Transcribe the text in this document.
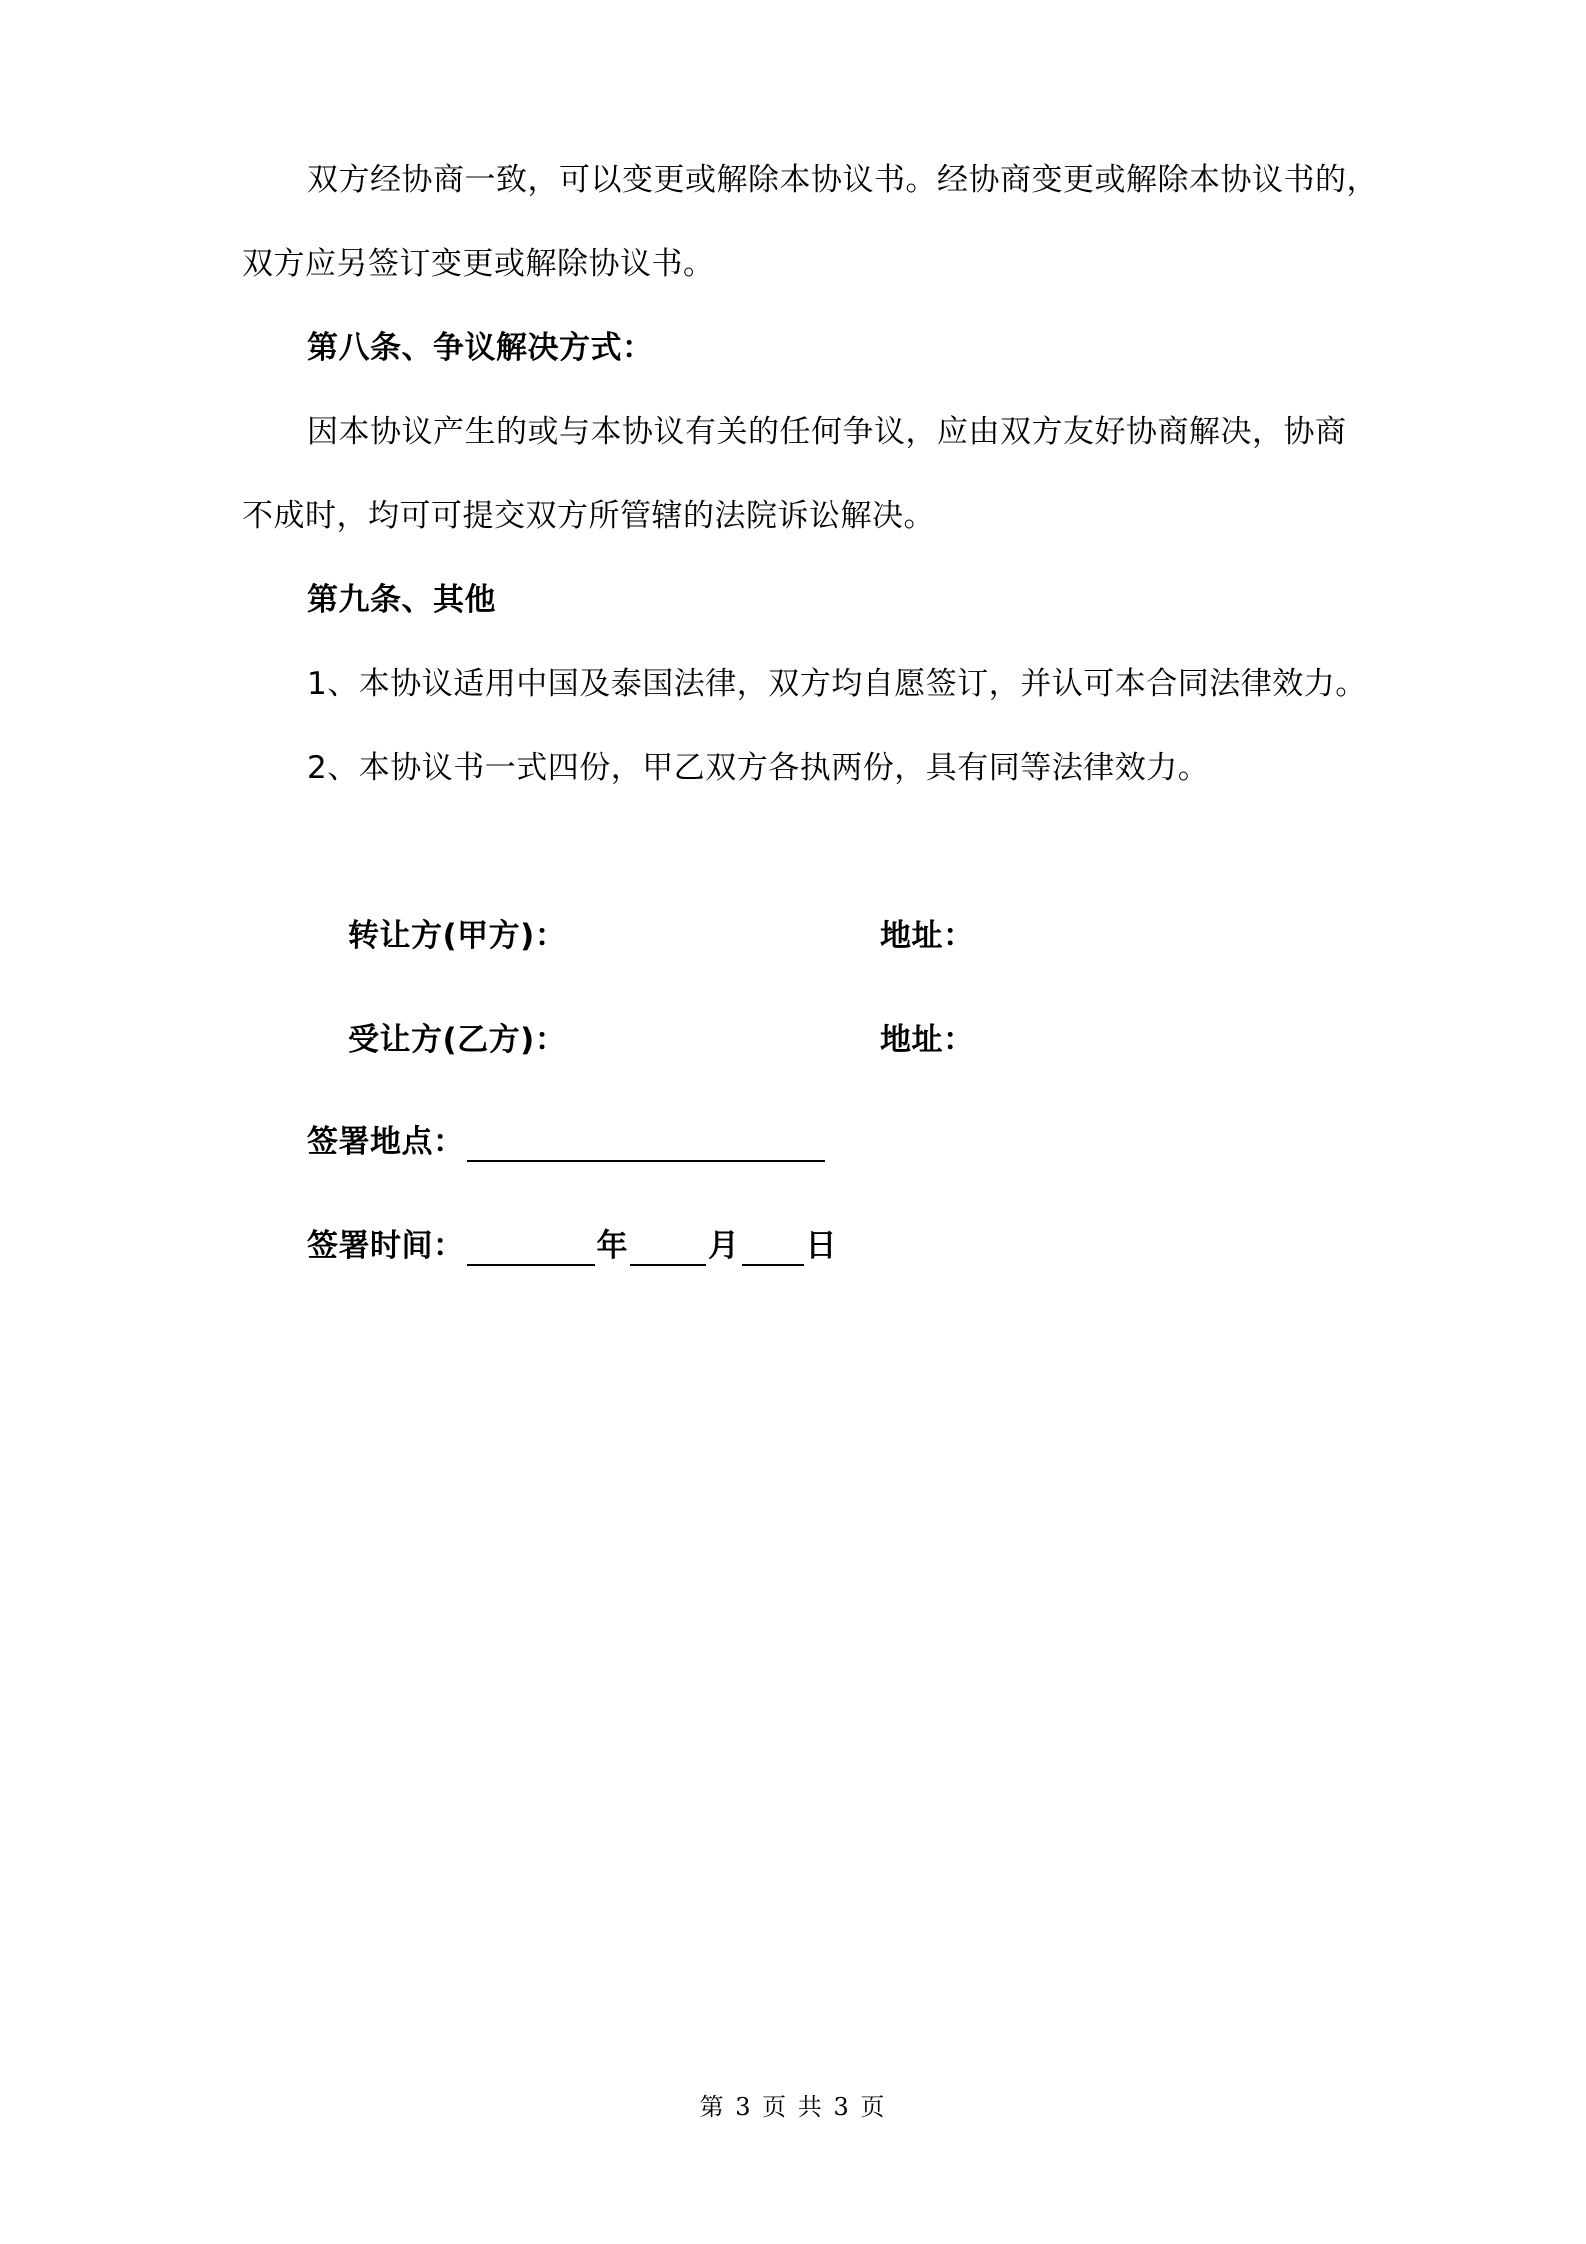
双方经协商一致，可以变更或解除本协议书。经协商变更或解除本协议书的，
双方应另签订变更或解除协议书。
第八条、争议解决方式：
因本协议产生的或与本协议有关的任何争议，应由双方友好协商解决，协商
不成时，均可可提交双方所管辖的法院诉讼解决。
第九条、其他
1、本协议适用中国及泰国法律，双方均自愿签订，并认可本合同法律效力。
2、本协议书一式四份，甲乙双方各执两份，具有同等法律效力。
转让方(甲方)：	地址：
受让方(乙方)：	地址：
签署地点：
签署时间：	年	月 日
第 3 页 共 3 页
